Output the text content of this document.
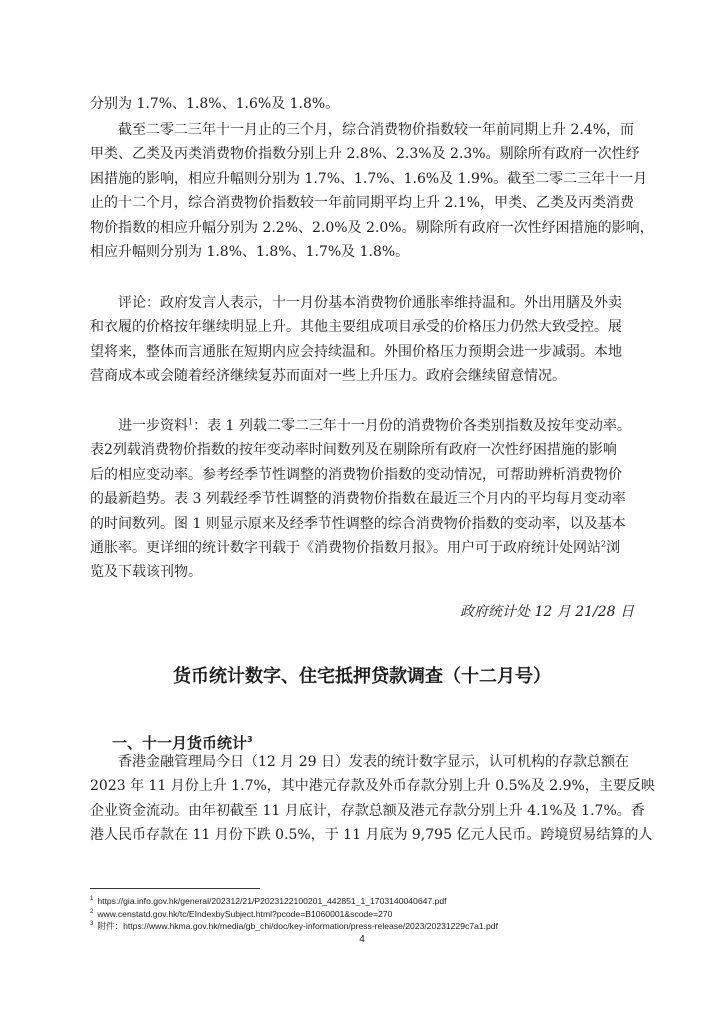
分别为 1.7%、1.8%、1.6%及 1.8%。

截至二零二三年十一月止的三个月，综合消费物价指数较一年前同期上升 2.4%，而
甲类、乙类及丙类消费物价指数分别上升 2.8%、2.3%及 2.3%。剔除所有政府一次性纾
困措施的影响，相应升幅则分别为 1.7%、1.7%、1.6%及 1.9%。截至二零二三年十一月
止的十二个月，综合消费物价指数较一年前同期平均上升 2.1%，甲类、乙类及丙类消费
物价指数的相应升幅分别为 2.2%、2.0%及 2.0%。剔除所有政府一次性纾困措施的影响，
相应升幅则分别为 1.8%、1.8%、1.7%及 1.8%。

评论：政府发言人表示，十一月份基本消费物价通胀率维持温和。外出用膳及外卖
和衣履的价格按年继续明显上升。其他主要组成项目承受的价格压力仍然大致受控。展
望将来，整体而言通胀在短期内应会持续温和。外围价格压力预期会进一步减弱。本地
营商成本或会随着经济继续复苏而面对一些上升压力。政府会继续留意情况。

进一步资料$^1$：表 1 列载二零二三年十一月份的消费物价各类别指数及按年变动率。
表2列载消费物价指数的按年变动率时间数列及在剔除所有政府一次性纾困措施的影响
后的相应变动率。参考经季节性调整的消费物价指数的变动情况，可帮助辨析消费物价
的最新趋势。表 3 列载经季节性调整的消费物价指数在最近三个月内的平均每月变动率
的时间数列。图 1 则显示原来及经季节性调整的综合消费物价指数的变动率，以及基本
通胀率。更详细的统计数字刊载于《消费物价指数月报》。用户可于政府统计处网站$^2$浏
览及下载该刊物。

政府统计处 12 月 21/28 日
货币统计数字、住宅抵押贷款调查（十二月号）
一、十一月货币统计$^3$

香港金融管理局今日（12 月 29 日）发表的统计数字显示，认可机构的存款总额在
2023 年 11 月份上升 1.7%，其中港元存款及外币存款分别上升 0.5%及 2.9%，主要反映
企业资金流动。由年初截至 11 月底计，存款总额及港元存款分别上升 4.1%及 1.7%。香
港人民币存款在 11 月份下跌 0.5%，于 11 月底为 9,795 亿元人民币。跨境贸易结算的人

$^1$ https://gia.info.gov.hk/general/202312/21/P2023122100201_442851_1_1703140040647.pdf
$^2$ www.censtatd.gov.hk/tc/EIndexbySubject.html?pcode=B1060001&scode=270
$^3$ 附件：https://www.hkma.gov.hk/media/gb_chi/doc/key-information/press-release/2023/20231229c7a1.pdf
4
